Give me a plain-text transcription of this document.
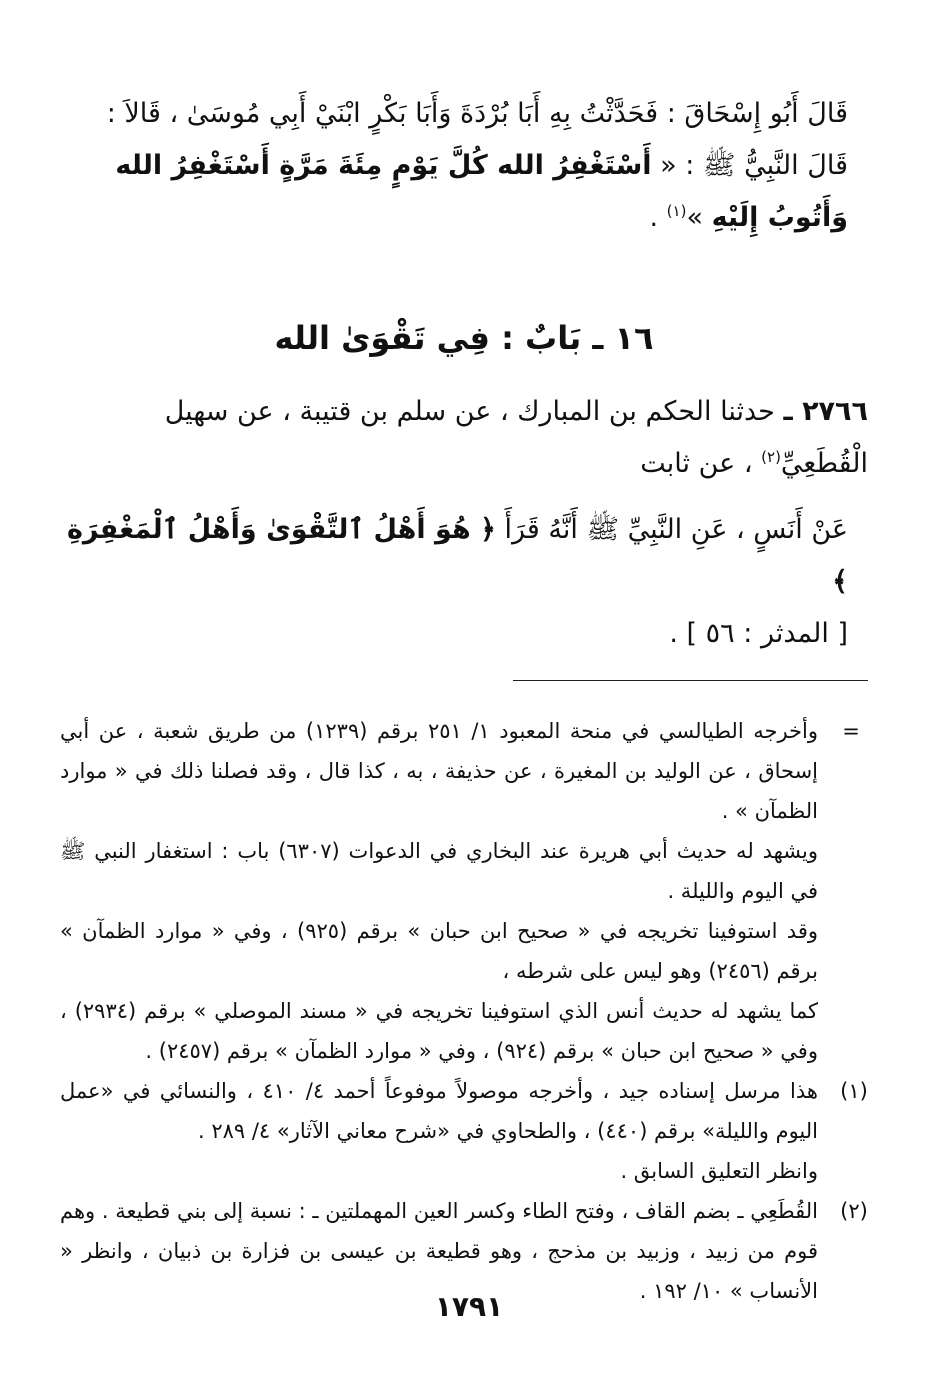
قَالَ أَبُو إِسْحَاقَ : فَحَدَّثْتُ بِهِ أَبَا بُرْدَةَ وَأَبَا بَكْرٍ ابْنَيْ أَبِي مُوسَىٰ ، قَالاَ :
قَالَ النَّبِيُّ ﷺ : « أَسْتَغْفِرُ الله كُلَّ يَوْمٍ مِئَةَ مَرَّةٍ أَسْتَغْفِرُ الله وَأَتُوبُ إِلَيْهِ »$^{(١)}$ .
١٦ ـ بَابٌ : فِي تَقْوَىٰ الله
٢٧٦٦ ـ حدثنا الحكم بن المبارك ، عن سلم بن قتيبة ، عن سهيل
الْقُطَعِيِّ$^{(٢)}$ ، عن ثابت
عَنْ أَنَسٍ ، عَنِ النَّبِيِّ ﷺ أَنَّهُ قَرَأَ ﴿ هُوَ أَهْلُ ٱلتَّقْوَىٰ وَأَهْلُ ٱلْمَغْفِرَةِ ﴾
[ المدثر : ٥٦ ] .
=

وأخرجه الطيالسي في منحة المعبود ١/ ٢٥١ برقم (١٢٣٩) من طريق شعبة ، عن أبي إسحاق ، عن الوليد بن المغيرة ، عن حذيفة ، به ، كذا قال ، وقد فصلنا ذلك في « موارد الظمآن » .

ويشهد له حديث أبي هريرة عند البخاري في الدعوات (٦٣٠٧) باب : استغفار النبي ﷺ في اليوم والليلة .

وقد استوفينا تخريجه في « صحيح ابن حبان » برقم (٩٢٥) ، وفي « موارد الظمآن » برقم (٢٤٥٦) وهو ليس على شرطه ،

كما يشهد له حديث أنس الذي استوفينا تخريجه في « مسند الموصلي » برقم (٢٩٣٤) ، وفي « صحيح ابن حبان » برقم (٩٢٤) ، وفي « موارد الظمآن » برقم (٢٤٥٧) .

(١)

هذا مرسل إسناده جيد ، وأخرجه موصولاً موفوعاً أحمد ٤/ ٤١٠ ، والنسائي في «عمل اليوم والليلة» برقم (٤٤٠) ، والطحاوي في «شرح معاني الآثار» ٤/ ٢٨٩ .

وانظر التعليق السابق .

(٢)

القُطَعِي ـ بضم القاف ، وفتح الطاء وكسر العين المهملتين ـ : نسبة إلى بني قطيعة . وهم قوم من زبيد ، وزبيد بن مذحج ، وهو قطيعة بن عيسى بن فزارة بن ذبيان ، وانظر « الأنساب » ١٠/ ١٩٢ .

١٧٩١
